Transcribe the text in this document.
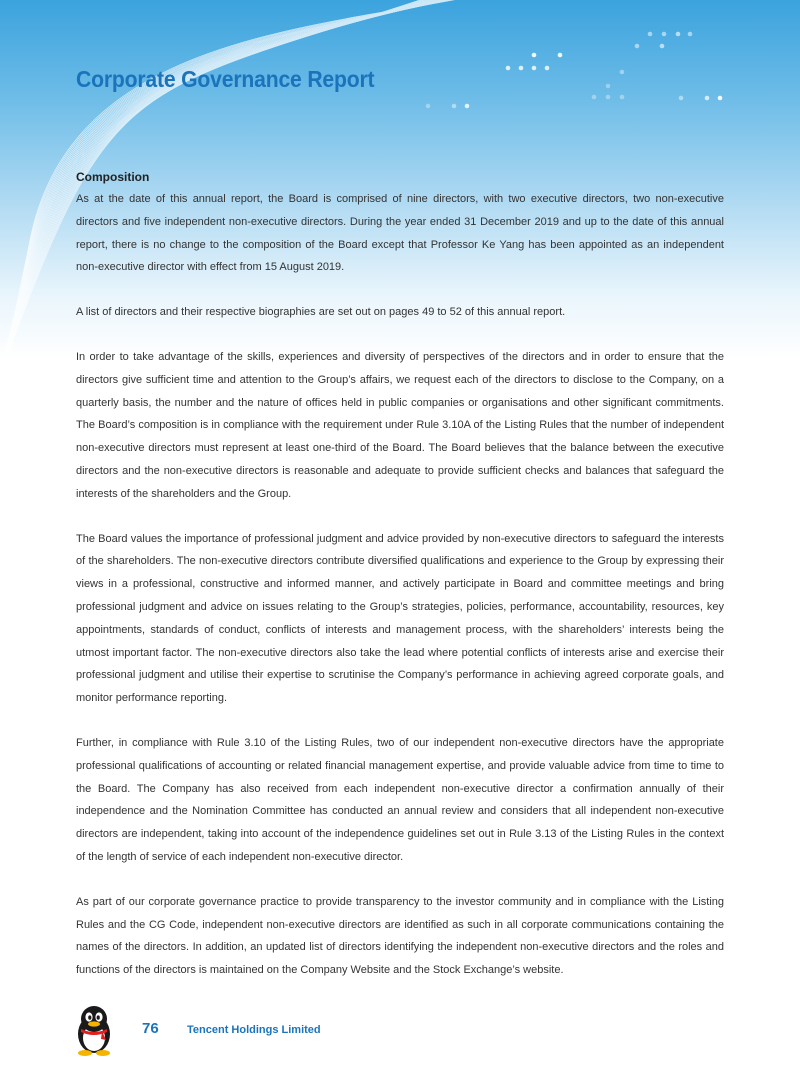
Corporate Governance Report
Composition

As at the date of this annual report, the Board is comprised of nine directors, with two executive directors, two non-executive directors and five independent non-executive directors. During the year ended 31 December 2019 and up to the date of this annual report, there is no change to the composition of the Board except that Professor Ke Yang has been appointed as an independent non-executive director with effect from 15 August 2019.

A list of directors and their respective biographies are set out on pages 49 to 52 of this annual report.

In order to take advantage of the skills, experiences and diversity of perspectives of the directors and in order to ensure that the directors give sufficient time and attention to the Group’s affairs, we request each of the directors to disclose to the Company, on a quarterly basis, the number and the nature of offices held in public companies or organisations and other significant commitments. The Board’s composition is in compliance with the requirement under Rule 3.10A of the Listing Rules that the number of independent non-executive directors must represent at least one-third of the Board. The Board believes that the balance between the executive directors and the non-executive directors is reasonable and adequate to provide sufficient checks and balances that safeguard the interests of the shareholders and the Group.

The Board values the importance of professional judgment and advice provided by non-executive directors to safeguard the interests of the shareholders. The non-executive directors contribute diversified qualifications and experience to the Group by expressing their views in a professional, constructive and informed manner, and actively participate in Board and committee meetings and bring professional judgment and advice on issues relating to the Group’s strategies, policies, performance, accountability, resources, key appointments, standards of conduct, conflicts of interests and management process, with the shareholders’ interests being the utmost important factor. The non-executive directors also take the lead where potential conflicts of interests arise and exercise their professional judgment and utilise their expertise to scrutinise the Company’s performance in achieving agreed corporate goals, and monitor performance reporting.

Further, in compliance with Rule 3.10 of the Listing Rules, two of our independent non-executive directors have the appropriate professional qualifications of accounting or related financial management expertise, and provide valuable advice from time to time to the Board. The Company has also received from each independent non-executive director a confirmation annually of their independence and the Nomination Committee has conducted an annual review and considers that all independent non-executive directors are independent, taking into account of the independence guidelines set out in Rule 3.13 of the Listing Rules in the context of the length of service of each independent non-executive director.

As part of our corporate governance practice to provide transparency to the investor community and in compliance with the Listing Rules and the CG Code, independent non-executive directors are identified as such in all corporate communications containing the names of the directors. In addition, an updated list of directors identifying the independent non-executive directors and the roles and functions of the directors is maintained on the Company Website and the Stock Exchange’s website.

76	Tencent Holdings Limited
